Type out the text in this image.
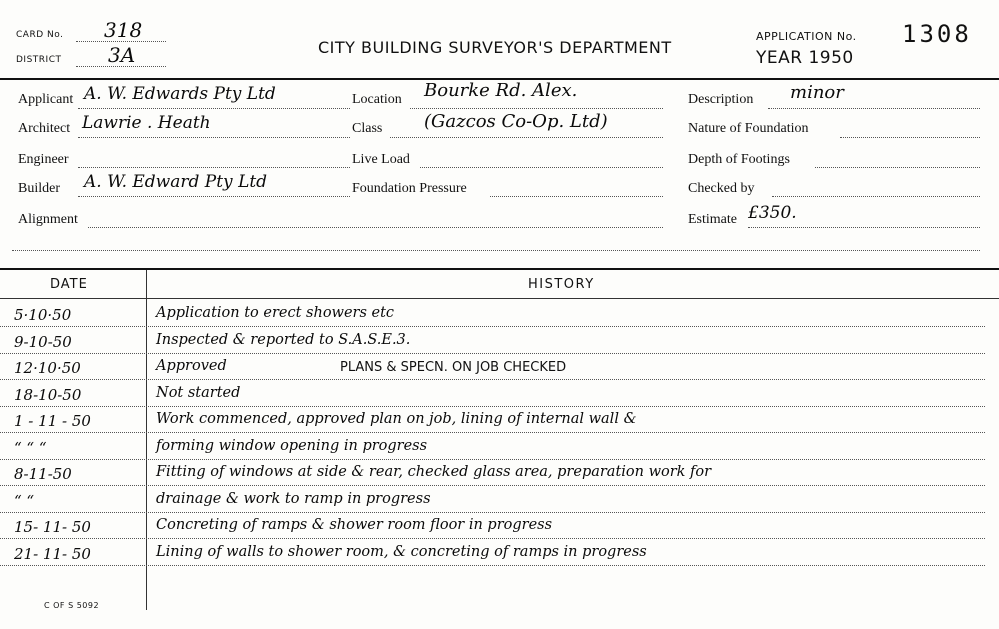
CARD No. 318
DISTRICT 3A	CITY BUILDING SURVEYOR'S DEPARTMENT
APPLICATION No. 1308
YEAR 1950
Applicant A. W. Edwards Pty Ltd
Architect Lawrie . Heath
Engineer
Builder A. W. Edward Pty Ltd
Alignment
Location Bourke Rd. Alex.
Class (Gazcos Co-Op. Ltd)
Live Load
Foundation Pressure
Description minor
Nature of Foundation
Depth of Footings
Checked by
Estimate £350.
DATE	HISTORY
5·10·50	Application to erect showers etc
9-10-50	Inspected & reported to S.A.S.E.3.
12·10·50	Approved	PLANS & SPECN. ON JOB CHECKED
18-10-50	Not started
1 - 11 - 50	Work commenced, approved plan on job, lining of internal wall &
“ “ “	forming window opening in progress
8-11-50	Fitting of windows at side & rear, checked glass area, preparation work for
“ “	drainage & work to ramp in progress
15- 11- 50	Concreting of ramps & shower room floor in progress
21- 11- 50	Lining of walls to shower room, & concreting of ramps in progress
C OF S 5092
